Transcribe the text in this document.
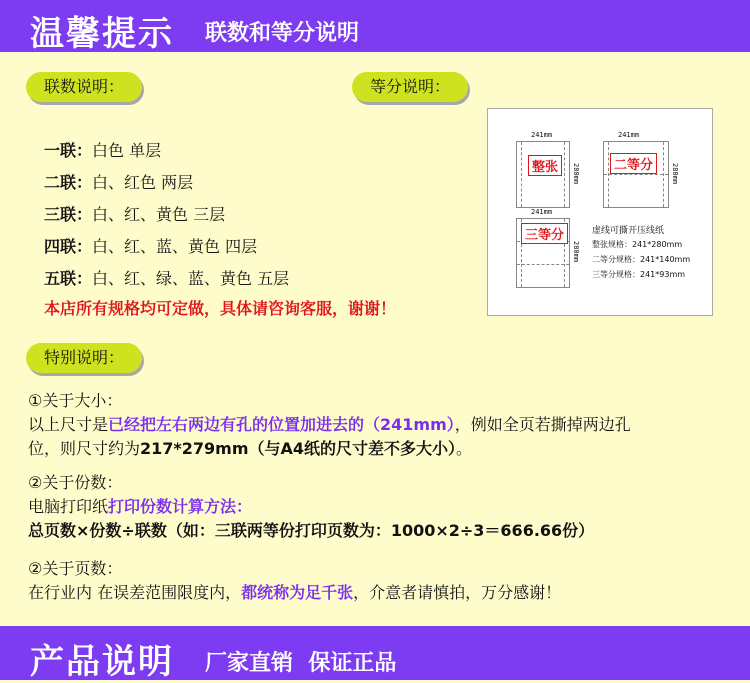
温馨提示 联数和等分说明
联数说明：	等分说明：
一联：白色 单层
二联：白、红色 两层
三联：白、红、黄色 三层
四联：白、红、蓝、黄色 四层
五联：白、红、绿、蓝、黄色 五层
本店所有规格均可定做，具体请咨询客服，谢谢！
241mm
整张	280mm
241mm
二等分	280mm
241mm
三等分
280mm
虚线可撕开压线纸
整张规格：241*280mm
二等分规格：241*140mm
三等分规格：241*93mm
特别说明：
①关于大小：
以上尺寸是已经把左右两边有孔的位置加进去的（241mm），例如全页若撕掉两边孔
位，则尺寸约为217*279mm（与A4纸的尺寸差不多大小）。
②关于份数：
电脑打印纸打印份数计算方法：
总页数×份数÷联数（如：三联两等份打印页数为：1000×2÷3＝666.66份）
②关于页数：
在行业内 在误差范围限度内，都统称为足千张，介意者请慎拍，万分感谢！
产品说明 厂家直销 保证正品
